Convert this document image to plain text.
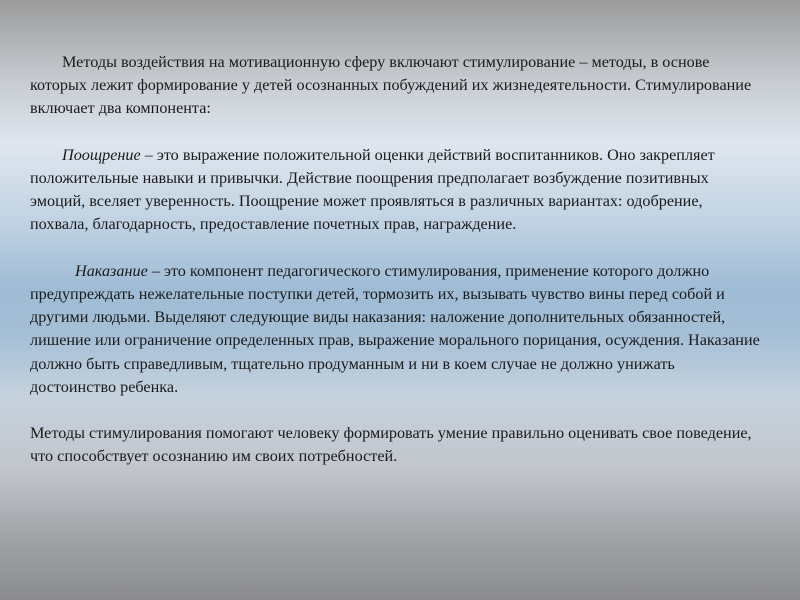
Методы воздействия на мотивационную сферу включают стимулирование – методы, в основе которых лежит формирование у детей осознанных побуждений их жизнедеятельности. Стимулирование включает два компонента:

Поощрение – это выражение положительной оценки действий воспитанников. Оно закрепляет положительные навыки и привычки. Действие поощрения предполагает возбуждение позитивных эмоций, вселяет уверенность. Поощрение может проявляться в различных вариантах: одобрение, похвала, благодарность, предоставление почетных прав, награждение.

Наказание – это компонент педагогического стимулирования, применение которого должно предупреждать нежелательные поступки детей, тормозить их, вызывать чувство вины перед собой и другими людьми. Выделяют следующие виды наказания: наложение дополнительных обязанностей, лишение или ограничение определенных прав, выражение морального порицания, осуждения. Наказание должно быть справедливым, тщательно продуманным и ни в коем случае не должно унижать достоинство ребенка.

Методы стимулирования помогают человеку формировать умение правильно оценивать свое поведение, что способствует осознанию им своих потребностей.
